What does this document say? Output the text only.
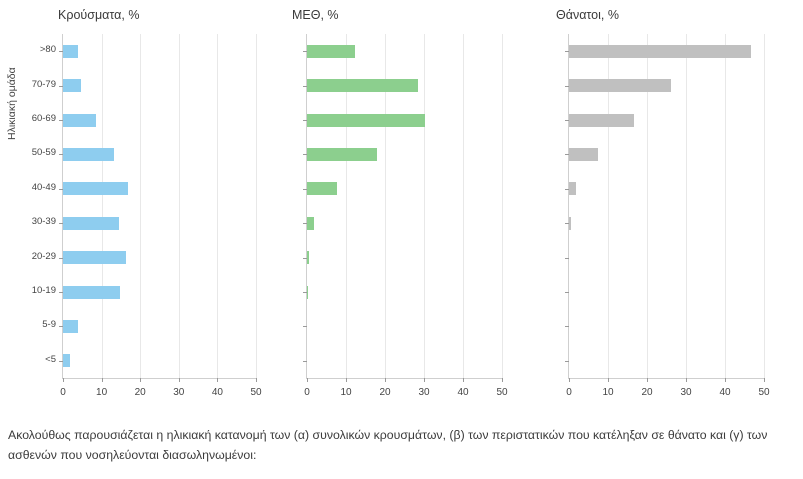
Κρούσματα, %
Ηλικιακή ομάδα
0	10	20	30	40	50
>80
70-79
60-69
50-59
40-49
30-39
20-29
10-19
5-9
<5
ΜΕΘ, %
0	10	20	30	40	50
Θάνατοι, %
0	10	20	30	40	50
Ακολούθως παρουσιάζεται η ηλικιακή κατανομή των (α) συνολικών κρουσμάτων, (β) των περιστατικών που κατέληξαν σε θάνατο και (γ) των ασθενών που νοσηλεύονται διασωληνωμένοι:
